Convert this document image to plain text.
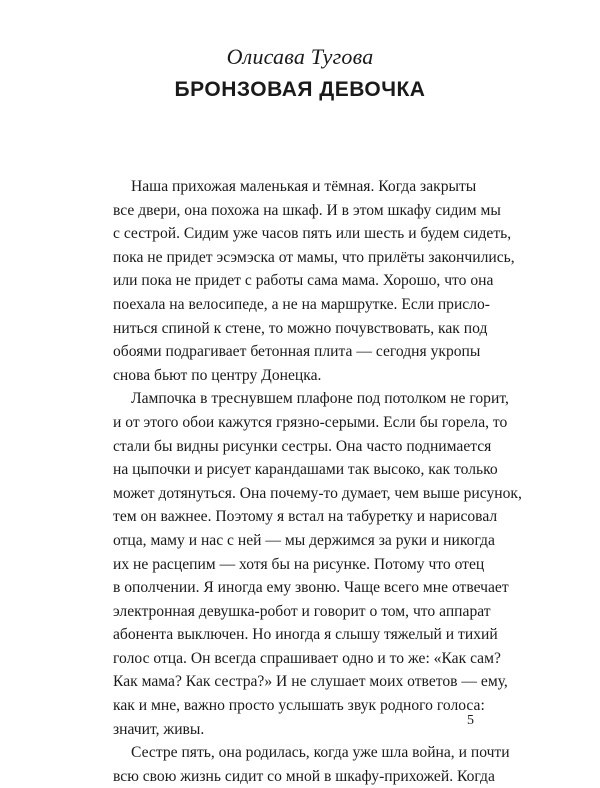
Олисава Тугова
БРОНЗОВАЯ ДЕВОЧКА
Наша прихожая маленькая и тёмная. Когда закрыты
все двери, она похожа на шкаф. И в этом шкафу сидим мы
с сестрой. Сидим уже часов пять или шесть и будем сидеть,
пока не придет эсэмэска от мамы, что прилёты закончились,
или пока не придет с работы сама мама. Хорошо, что она
поехала на велосипеде, а не на маршрутке. Если присло-
ниться спиной к стене, то можно почувствовать, как под
обоями подрагивает бетонная плита — сегодня укропы
снова бьют по центру Донецка.
Лампочка в треснувшем плафоне под потолком не горит,
и от этого обои кажутся грязно-серыми. Если бы горела, то
стали бы видны рисунки сестры. Она часто поднимается
на цыпочки и рисует карандашами так высоко, как только
может дотянуться. Она почему-то думает, чем выше рисунок,
тем он важнее. Поэтому я встал на табуретку и нарисовал
отца, маму и нас с ней — мы держимся за руки и никогда
их не расцепим — хотя бы на рисунке. Потому что отец
в ополчении. Я иногда ему звоню. Чаще всего мне отвечает
электронная девушка-робот и говорит о том, что аппарат
абонента выключен. Но иногда я слышу тяжелый и тихий
голос отца. Он всегда спрашивает одно и то же: «Как сам?
Как мама? Как сестра?» И не слушает моих ответов — ему,
как и мне, важно просто услышать звук родного голоса:
значит, живы.
Сестре пять, она родилась, когда уже шла война, и почти
всю свою жизнь сидит со мной в шкафу-прихожей. Когда
5
